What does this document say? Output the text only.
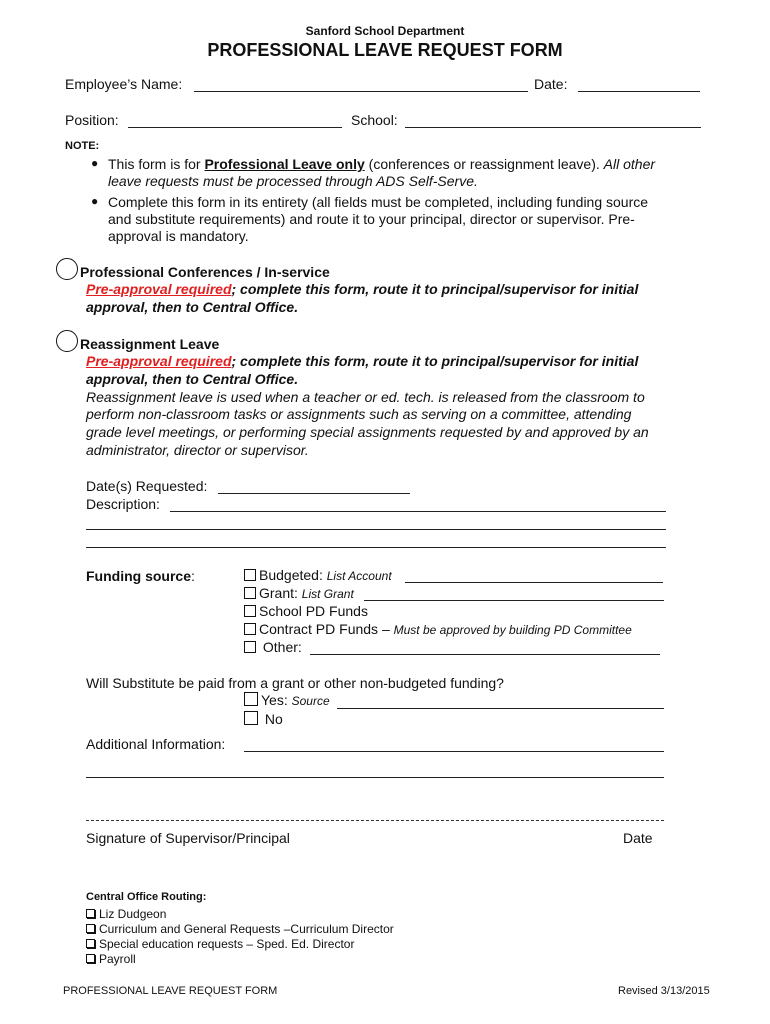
Sanford School Department
PROFESSIONAL LEAVE REQUEST FORM
Employee’s Name:	Date:
Position:	School:
NOTE:
● This form is for Professional Leave only (conferences or reassignment leave). All other
leave requests must be processed through ADS Self-Serve.
● Complete this form in its entirety (all fields must be completed, including funding source
and substitute requirements) and route it to your principal, director or supervisor. Pre-
approval is mandatory.
Professional Conferences / In-service
Pre-approval required; complete this form, route it to principal/supervisor for initial
approval, then to Central Office.
Reassignment Leave
Pre-approval required; complete this form, route it to principal/supervisor for initial
approval, then to Central Office.
Reassignment leave is used when a teacher or ed. tech. is released from the classroom to
perform non-classroom tasks or assignments such as serving on a committee, attending
grade level meetings, or performing special assignments requested by and approved by an
administrator, director or supervisor.
Date(s) Requested:
Description:
Funding source:	Budgeted: List Account
Grant: List Grant
School PD Funds
Contract PD Funds – Must be approved by building PD Committee
Other:
Will Substitute be paid from a grant or other non-budgeted funding?
Yes: Source
No
Additional Information:
Signature of Supervisor/Principal	Date
Central Office Routing:
Liz Dudgeon
Curriculum and General Requests –Curriculum Director
Special education requests – Sped. Ed. Director
Payroll
PROFESSIONAL LEAVE REQUEST FORM	Revised 3/13/2015
